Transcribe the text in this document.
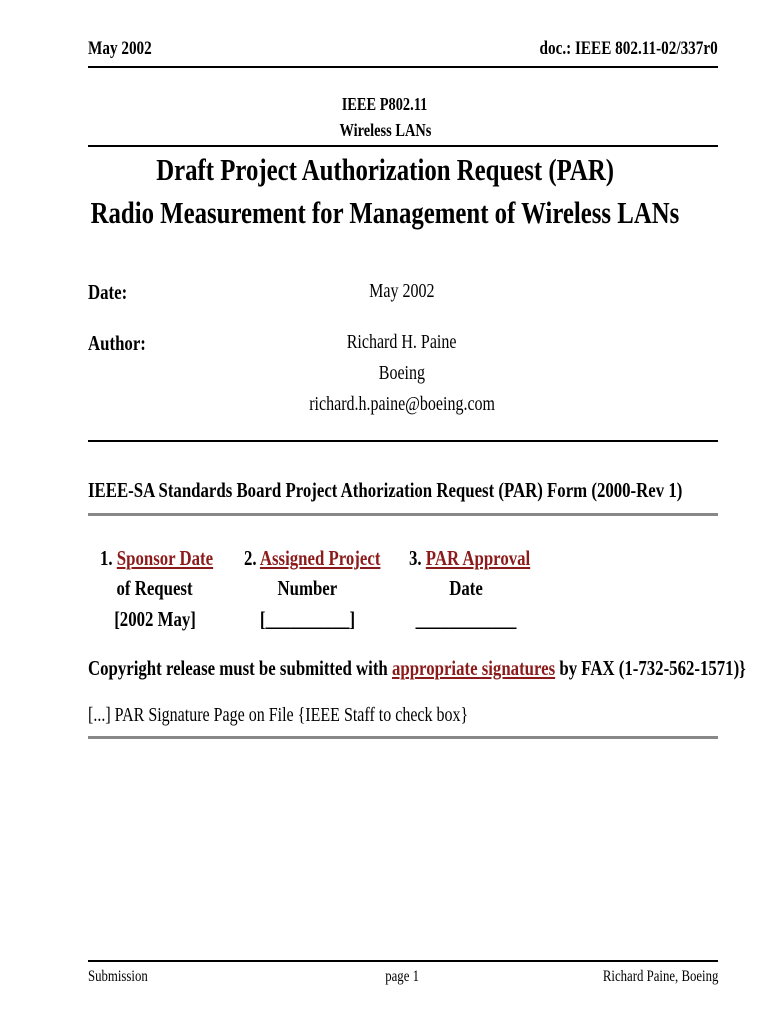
May 2002	doc.: IEEE 802.11-02/337r0
IEEE P802.11
Wireless LANs
Draft Project Authorization Request (PAR)
Radio Measurement for Management of Wireless LANs
Date:	May 2002
Author:	Richard H. Paine
Boeing
richard.h.paine@boeing.com
IEEE-SA Standards Board Project Athorization Request (PAR) Form (2000-Rev 1)
1. Sponsor Date
of Request
[2002 May]
2. Assigned Project
Number
[__________]
3. PAR Approval
Date
____________
Copyright release must be submitted with appropriate signatures by FAX (1-732-562-1571)}
[...] PAR Signature Page on File {IEEE Staff to check box}
Submission	page 1	Richard Paine, Boeing
